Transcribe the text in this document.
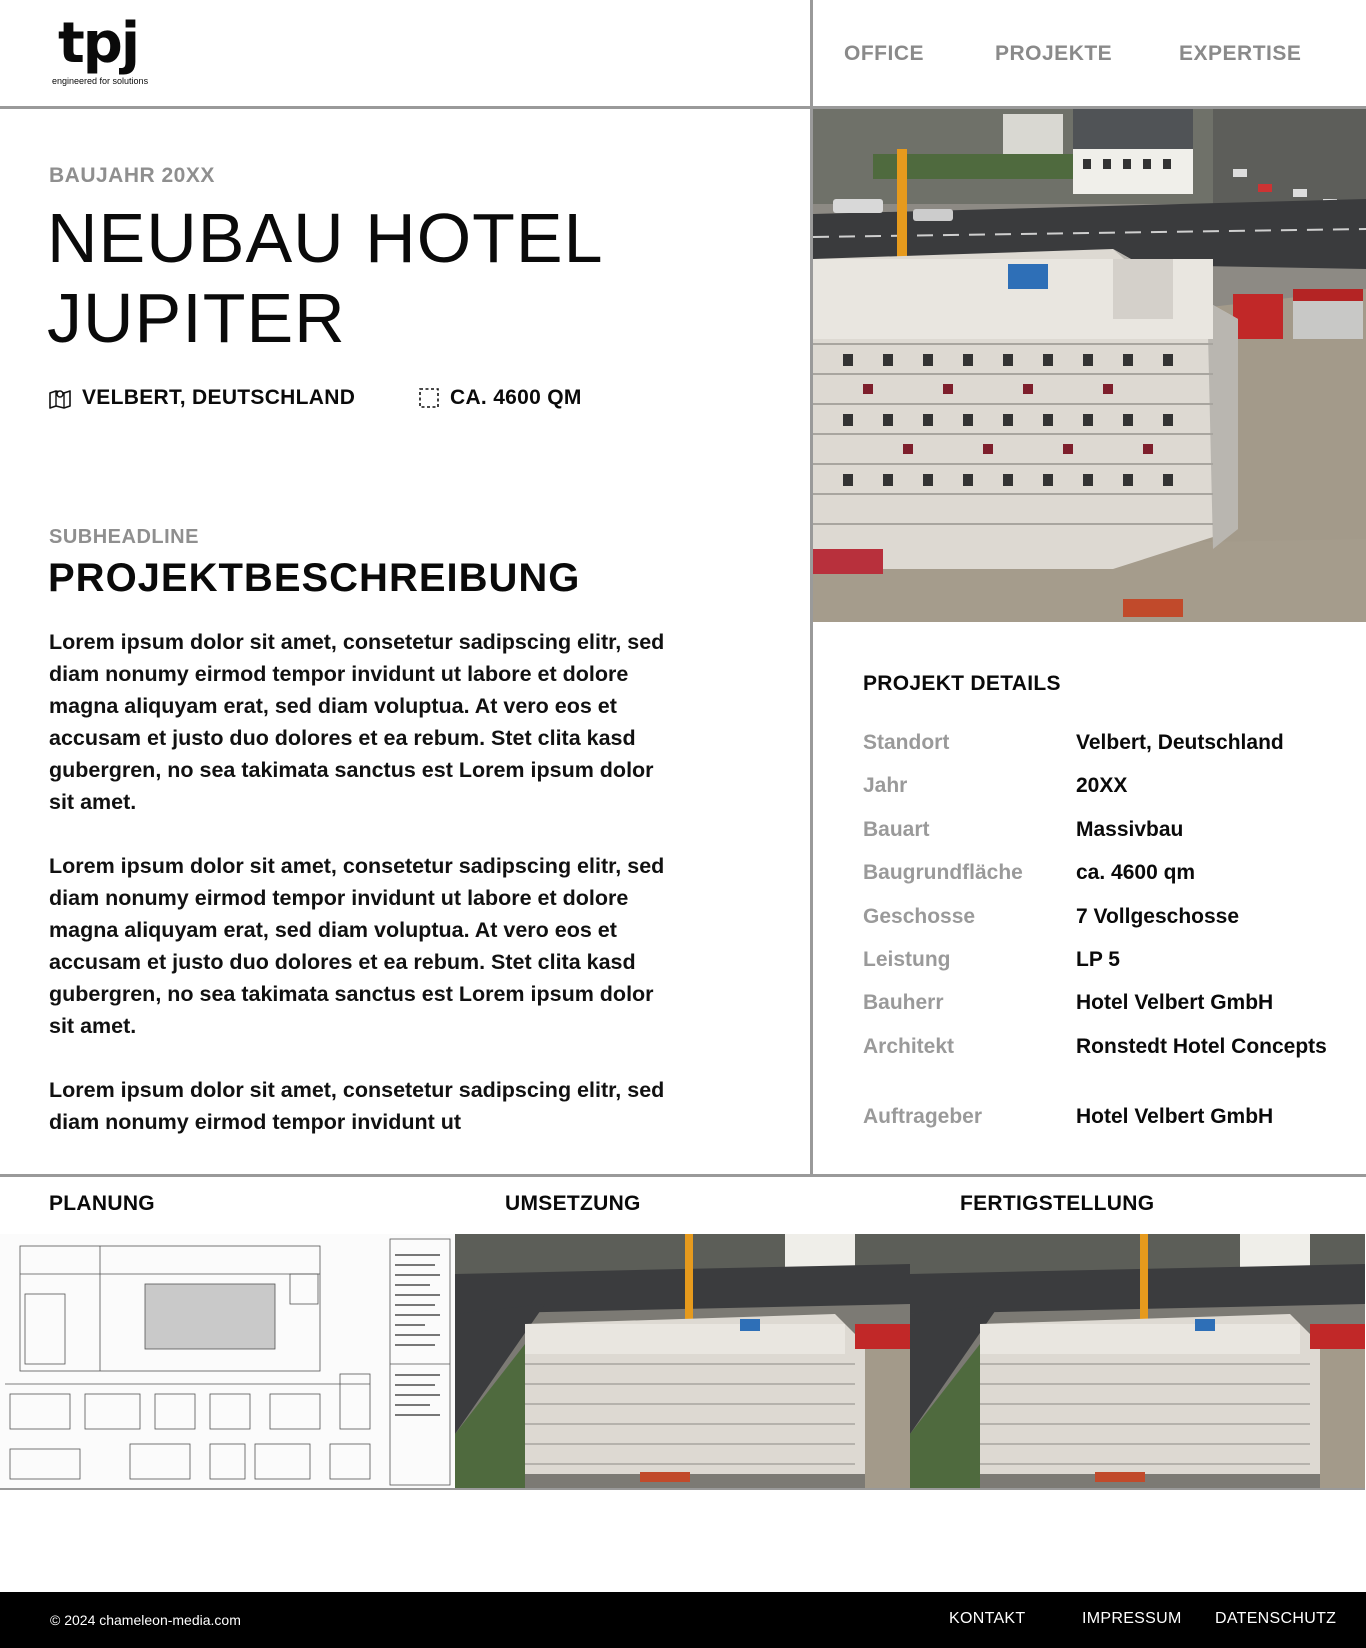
tpj
engineered for solutions
OFFICE	PROJEKTE	EXPERTISE
BAUJAHR 20XX
NEUBAU HOTEL
JUPITER
VELBERT, DEUTSCHLAND	CA. 4600 QM
SUBHEADLINE
PROJEKTBESCHREIBUNG

Lorem ipsum dolor sit amet, consetetur sadipscing elitr, sed diam nonumy eirmod tempor invidunt ut labore et dolore magna aliquyam erat, sed diam voluptua. At vero eos et accusam et justo duo dolores et ea rebum. Stet clita kasd gubergren, no sea takimata sanctus est Lorem ipsum dolor sit amet.

Lorem ipsum dolor sit amet, consetetur sadipscing elitr, sed diam nonumy eirmod tempor invidunt ut labore et dolore magna aliquyam erat, sed diam voluptua. At vero eos et accusam et justo duo dolores et ea rebum. Stet clita kasd gubergren, no sea takimata sanctus est Lorem ipsum dolor sit amet.

Lorem ipsum dolor sit amet, consetetur sadipscing elitr, sed diam nonumy eirmod tempor invidunt ut

PROJEKT DETAILS
Standort	Velbert, Deutschland
Jahr	20XX
Bauart	Massivbau
Baugrundfläche	ca. 4600 qm
Geschosse	7 Vollgeschosse
Leistung	LP 5
Bauherr	Hotel Velbert GmbH
Architekt	Ronstedt Hotel Concepts
Auftrageber	Hotel Velbert GmbH
PLANUNG	UMSETZUNG	FERTIGSTELLUNG
© 2024 chameleon-media.com	KONTAKT	IMPRESSUM DATENSCHUTZ
